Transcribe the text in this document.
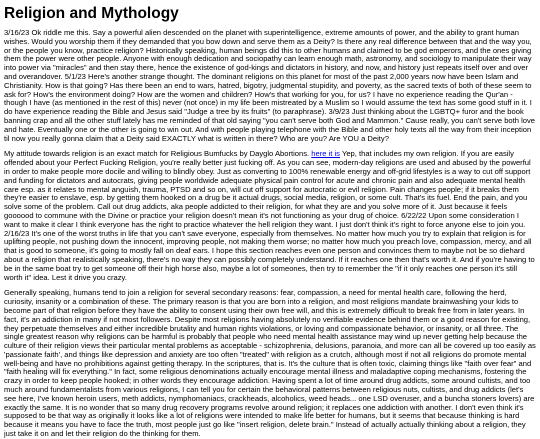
Religion and Mythology

3/16/23 Ok riddle me this. Say a powerful alien descended on the planet with superintelligence, extreme amounts of power, and the ability to grant human wishes. Would you worship them if they demanded that you bow down and serve them as a Deity? Is there any real difference between that and the way you, or the people you know, practice religion? Historically speaking, human beings did this to other humans and claimed to be god emperors, and the ones giving them the power were other people. Anyone with enough dedication and sociopathy can learn enough math, astronomy, and sociology to manipulate their way into power via "miracles" and then stay there, hence the existence of god-kings and dictators in history, and now, and history just repeats itself over and over and overandover. 5/1/23 Here's another strange thought. The dominant religions on this planet for most of the past 2,000 years now have been Islam and Christianity. How is that going? Has there been an end to wars, hatred, bigotry, judgmental stupidity, and poverty, as the sacred texts of both of these seem to ask for? How's the environment doing? How are the women and children? How's that working for you, for us? I have no experience reading the Qur'an - though I have (as mentioned in the rest of this) never (not once) in my life been mistreated by a Muslim so I would assume the text has some good stuff in it. I do have experience reading the Bible and Jesus said "Judge a tree by its fruits" (to paraphrase). 3/9/23 Just thinking about the LGBTQ+ furor and the book banning crap and all the other stuff lately has me reminded of that old saying "you can't serve both God and Mammon." Cause really, you can't serve both love and hate. Eventually one or the other is going to win out. And with people playing telephone with the Bible and other holy texts all the way from their inception til now you really gonna claim that a Deity said EXACTLY what is written in there? Who are you? Are YOU a Deity?

My attitude towards religion is an exact match for Religious Bumfucks by Dayglo Abortions. here it is Yep, that includes my own religion. If you are easily offended about your Perfect Fucking Religion, you're really better just fucking off. As you can see, modern-day religions are used and abused by the powerful in order to make people more docile and willing to blindly obey. Just as converting to 100% renewable energy and off-grid lifestyles is a way to cut off support and funding for dictators and autocrats, giving people worldwide adequate physical pain control for acute and chronic pain and also adequate mental health care esp. as it relates to mental anguish, trauma, PTSD and so on, will cut off support for autocratic or evil religion. Pain changes people; if it breaks them they're easier to enslave, esp. by getting them hooked on a drug be it actual drugs, social media, religion, or some cult. That's its fuel. End the pain, and you solve some of the problem. Call out drug addicts, aka people addicted to their religion, for what they are and you solve more of it. Just because it feels goooood to commune with the Divine or practice your religion doesn't mean it's not functioning as your drug of choice. 6/22/22 Upon some consideration I want to make it clear I think everyone has the right to practice whatever the hell religion they want. I just don't think it's right to force anyone else to join you. 2/16/23 It's one of the worst truths in life that you can't save everyone, especially from themselves. No matter how much you try to explain that religion is for uplifting people, not pushing down the innocent, improving people, not making them worse; no matter how much you preach love, compassion, mercy, and all that is good to someone, it's going to mostly fall on deaf ears. I hope this section reaches even one person and convinces them to maybe not be so diehard about a religion that realistically speaking, there's no way they can possibly completely understand. If it reaches one then that's worth it. And if you're having to be in the same boat try to get someone off their high horse also, maybe a lot of someones, then try to remember the "if it only reaches one person it's still worth it" idea. Lest it drive you crazy.

Generally speaking, humans tend to join a religion for several secondary reasons: fear, compassion, a need for mental health care, following the herd, curiosity, insanity or a combination of these. The primary reason is that you are born into a religion, and most religions mandate brainwashing your kids to become part of that religion before they have the ability to consent using their own free will, and this is extremely difficult to break free from in later years. In fact, it's an addiction in many if not most followers. Despite most religions having absolutely no verifiable evidence behind them or a good reason for existing, they perpetuate themselves and either incredible brutality and human rights violations, or loving and compassionate behavior, or insanity, or all three. The single greatest reason why religions can be harmful is probably that people who need mental health assistance may wind up never getting help because the culture of their religion views their particular mental problems as acceptable - schizophrenia, delusions, paranoia, and more can all be covered up too easily as 'passionate faith', and things like depression and anxiety are too often "treated" with religion as a crutch, although most if not all religions do promote mental well-being and have no prohibitions against getting therapy. In the scriptures, that is. It's the culture that is often toxic, claiming things like "faith over fear" and "faith healing will fix everything." In fact, some religious denominations actually encourage mental illness and maladaptive coping mechanisms, fostering the crazy in order to keep people hooked; in other words they encourage addiction. Having spent a lot of time around drug addicts, some around cultists, and too much around fundamentalists from various religions, I can tell you for certain the behavioral patterns between religious nuts, cultists, and drug addicts (let's see here, I've known heroin users, meth addicts, nymphomaniacs, crackheads, alcoholics, weed heads... one LSD overuser, and a buncha stoners lovers) are exactly the same. It is no wonder that so many drug recovery programs revolve around religion; it replaces one addiction with another. I don't even think it's supposed to be that way as originally it looks like a lot of religions were intended to make life better for humans, but it seems that because thinking is hard because it means you have to face the truth, most people just go like "insert religion, delete brain." Instead of actually actually thinking about a religion, they just take it on and let their religion do the thinking for them.
